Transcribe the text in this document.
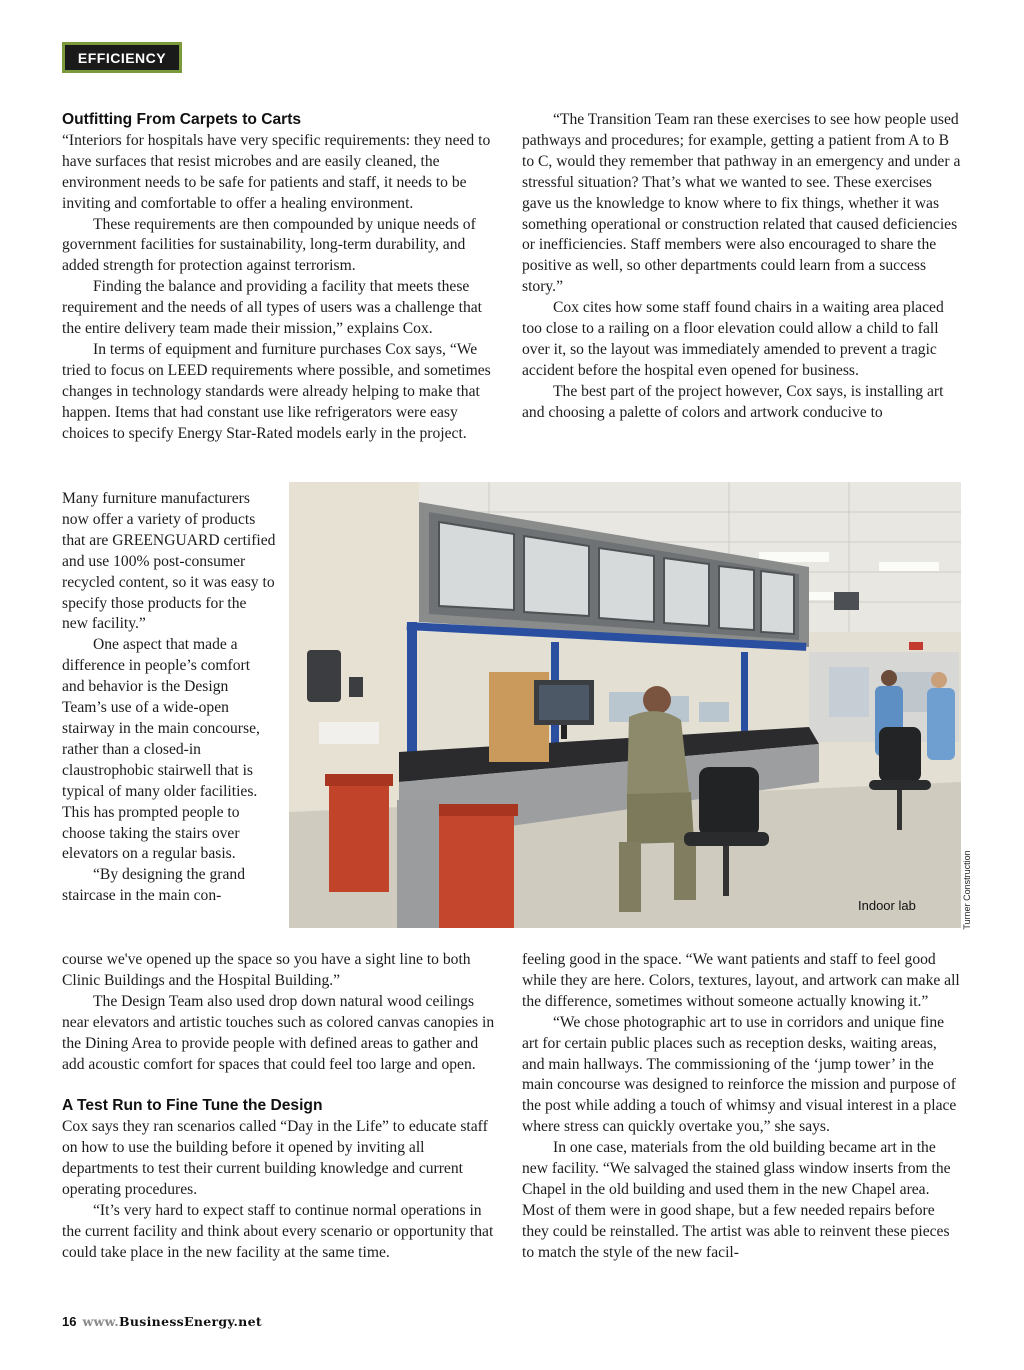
EFFICIENCY
Outfitting From Carpets to Carts

“Interiors for hospitals have very specific requirements: they need to have surfaces that resist microbes and are easily cleaned, the environment needs to be safe for patients and staff, it needs to be inviting and comfortable to offer a healing environment.

These requirements are then compounded by unique needs of government facilities for sustainability, long-term durability, and added strength for protection against terrorism.

Finding the balance and providing a facility that meets these requirement and the needs of all types of users was a challenge that the entire delivery team made their mission,” explains Cox.

In terms of equipment and furniture purchases Cox says, “We tried to focus on LEED requirements where possible, and sometimes changes in technology standards were already helping to make that happen. Items that had constant use like refrigerators were easy choices to specify Energy Star-Rated models early in the project.

Many furniture manufacturers now offer a variety of products that are GREENGUARD certified and use 100% post-consumer recycled content, so it was easy to specify those products for the new facility.”

One aspect that made a difference in people’s comfort and behavior is the Design Team’s use of a wide-open stairway in the main concourse, rather than a closed-in claustrophobic stairwell that is typical of many older facilities. This has prompted people to choose taking the stairs over elevators on a regular basis.

“By designing the grand staircase in the main con-

course we've opened up the space so you have a sight line to both Clinic Buildings and the Hospital Building.”

The Design Team also used drop down natural wood ceilings near elevators and artistic touches such as colored canvas canopies in the Dining Area to provide people with defined areas to gather and add acoustic comfort for spaces that could feel too large and open.

A Test Run to Fine Tune the Design

Cox says they ran scenarios called “Day in the Life” to educate staff on how to use the building before it opened by inviting all departments to test their current building knowledge and current operating procedures.

“It’s very hard to expect staff to continue normal operations in the current facility and think about every scenario or opportunity that could take place in the new facility at the same time.

“The Transition Team ran these exercises to see how people used pathways and procedures; for example, getting a patient from A to B to C, would they remember that pathway in an emergency and under a stressful situation? That’s what we wanted to see. These exercises gave us the knowledge to know where to fix things, whether it was something operational or construction related that caused deficiencies or inefficiencies. Staff members were also encouraged to share the positive as well, so other departments could learn from a success story.”

Cox cites how some staff found chairs in a waiting area placed too close to a railing on a floor elevation could allow a child to fall over it, so the layout was immediately amended to prevent a tragic accident before the hospital even opened for business.

The best part of the project however, Cox says, is installing art and choosing a palette of colors and artwork conducive to

feeling good in the space. “We want patients and staff to feel good while they are here. Colors, textures, layout, and artwork can make all the difference, sometimes without someone actually knowing it.”

“We chose photographic art to use in corridors and unique fine art for certain public places such as reception desks, waiting areas, and main hallways. The commissioning of the ‘jump tower’ in the main concourse was designed to reinforce the mission and purpose of the post while adding a touch of whimsy and visual interest in a place where stress can quickly overtake you,” she says.

In one case, materials from the old building became art in the new facility. “We salvaged the stained glass window inserts from the Chapel in the old building and used them in the new Chapel area. Most of them were in good shape, but a few needed repairs before they could be reinstalled. The artist was able to reinvent these pieces to match the style of the new facil-

Indoor lab	Turner Construction
16 www.BusinessEnergy.net
